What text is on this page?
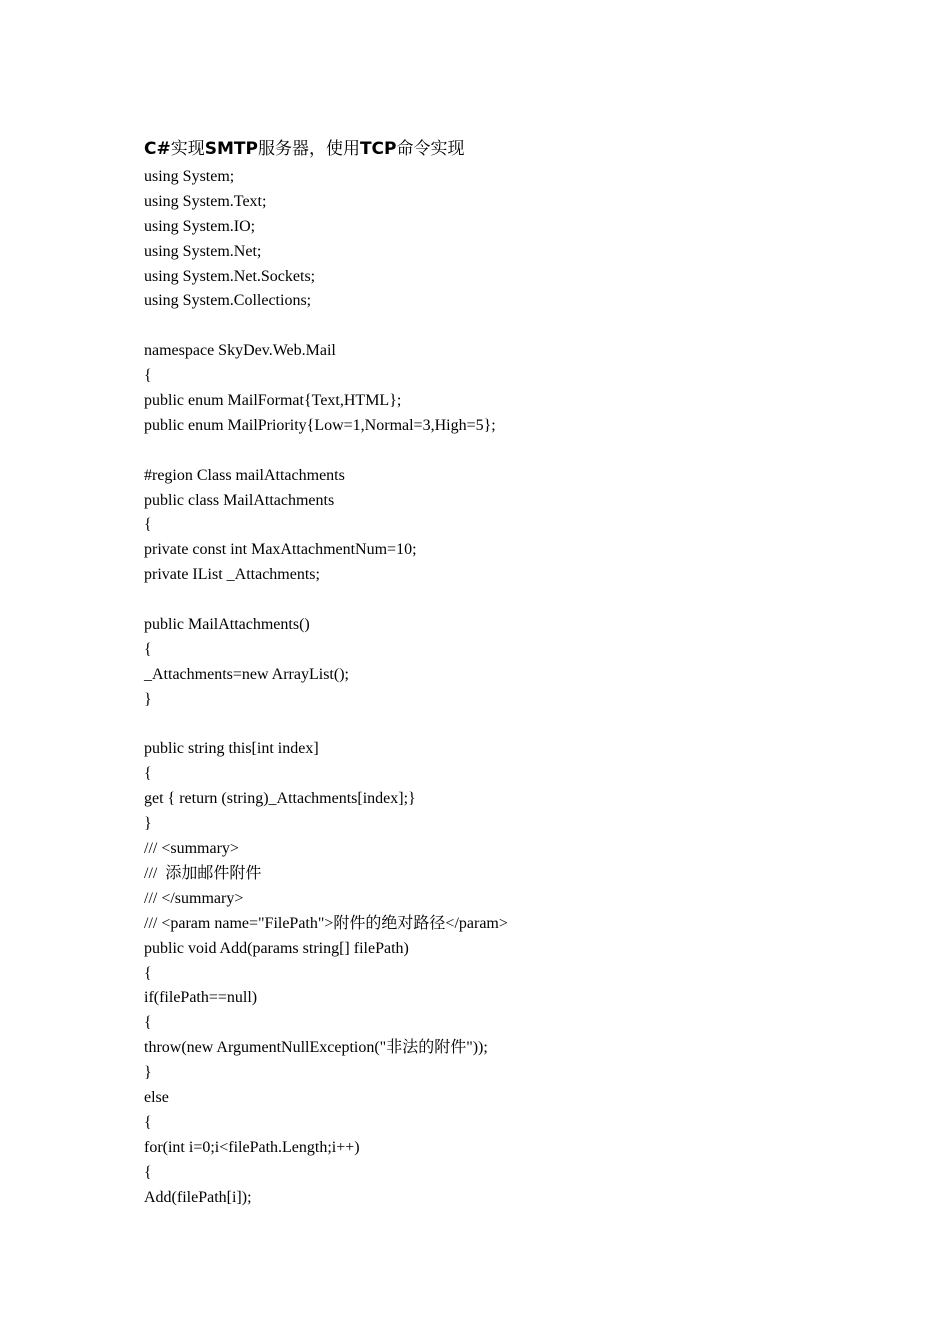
C#实现SMTP服务器，使用TCP命令实现
using System;
using System.Text;
using System.IO;
using System.Net;
using System.Net.Sockets;
using System.Collections;
namespace SkyDev.Web.Mail
{
public enum MailFormat{Text,HTML};
public enum MailPriority{Low=1,Normal=3,High=5};
#region Class mailAttachments
public class MailAttachments
{
private const int MaxAttachmentNum=10;
private IList _Attachments;
public MailAttachments()
{
_Attachments=new ArrayList();
}
public string this[int index]
{
get { return (string)_Attachments[index];}
}
/// <summary>
///  添加邮件附件
/// </summary>
/// <param name="FilePath">附件的绝对路径</param>
public void Add(params string[] filePath)
{
if(filePath==null)
{
throw(new ArgumentNullException("非法的附件"));
}
else
{
for(int i=0;i<filePath.Length;i++)
{
Add(filePath[i]);
